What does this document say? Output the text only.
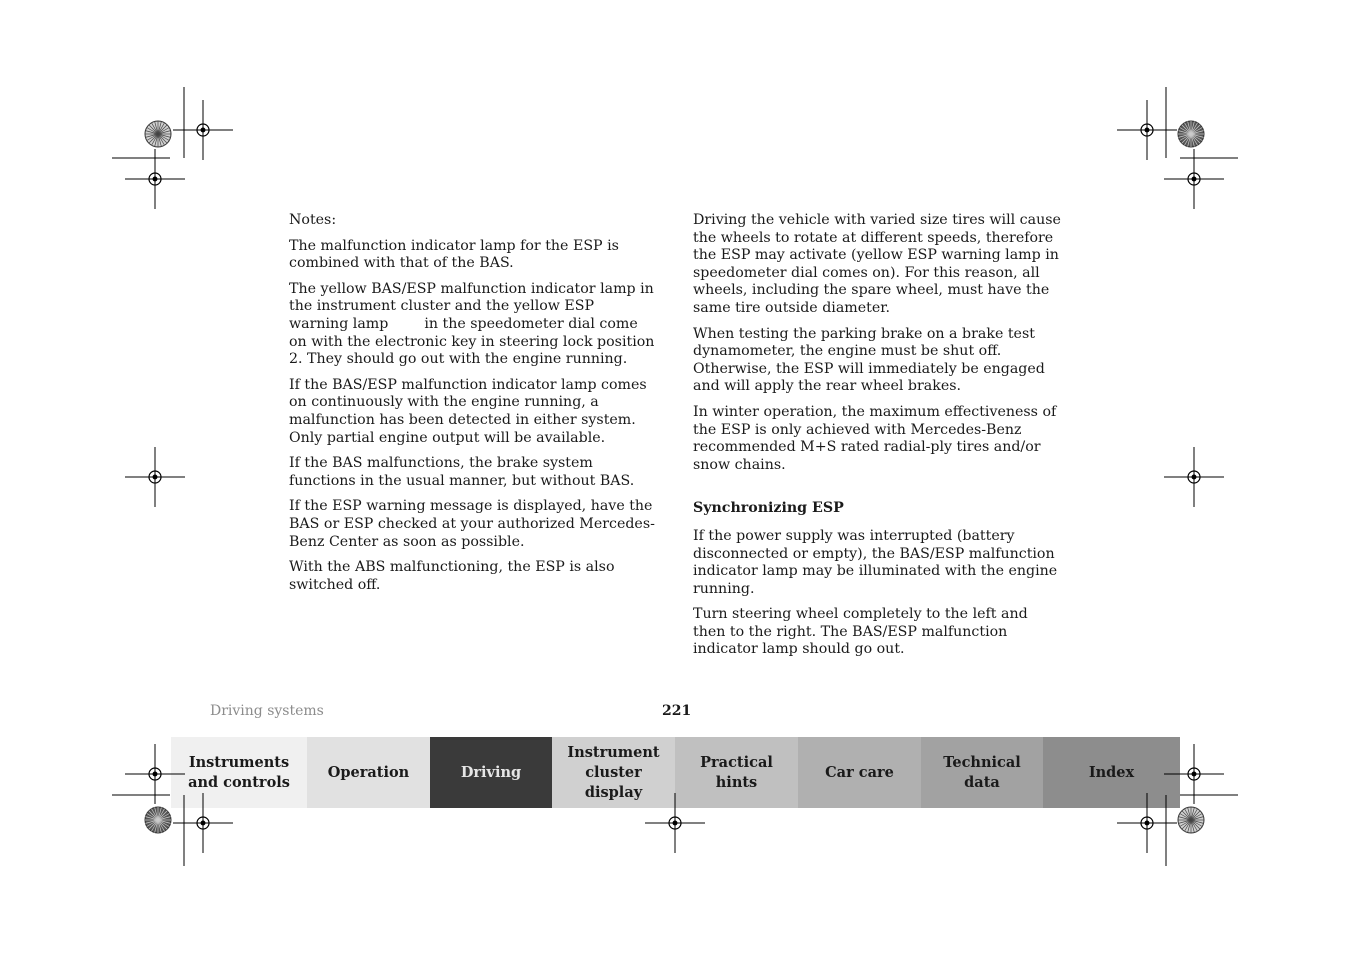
Notes:

The malfunction indicator lamp for the ESP is combined with that of the BAS.

The yellow BAS/ESP malfunction indicator lamp in the instrument cluster and the yellow ESP warning lamp	in the speedometer dial come on with the electronic key in steering lock position 2. They should go out with the engine running.

If the BAS/ESP malfunction indicator lamp comes on continuously with the engine running, a malfunction has been detected in either system. Only partial engine output will be available.

If the BAS malfunctions, the brake system functions in the usual manner, but without BAS.

If the ESP warning message is displayed, have the BAS or ESP checked at your authorized Mercedes-Benz Center as soon as possible.

With the ABS malfunctioning, the ESP is also switched off.

Driving the vehicle with varied size tires will cause the wheels to rotate at different speeds, therefore the ESP may activate (yellow ESP warning lamp in speedometer dial comes on). For this reason, all wheels, including the spare wheel, must have the same tire outside diameter.

When testing the parking brake on a brake test dynamometer, the engine must be shut off. Otherwise, the ESP will immediately be engaged and will apply the rear wheel brakes.

In winter operation, the maximum effectiveness of the ESP is only achieved with Mercedes-Benz recommended M+S rated radial-ply tires and/or snow chains.

Synchronizing ESP

If the power supply was interrupted (battery disconnected or empty), the BAS/ESP malfunction indicator lamp may be illuminated with the engine running.

Turn steering wheel completely to the left and then to the right. The BAS/ESP malfunction indicator lamp should go out.

Driving systems	221
Instruments
and controls
Operation	Driving
Instrument
cluster display
Practical hints
Car care
Technical
data
Index
